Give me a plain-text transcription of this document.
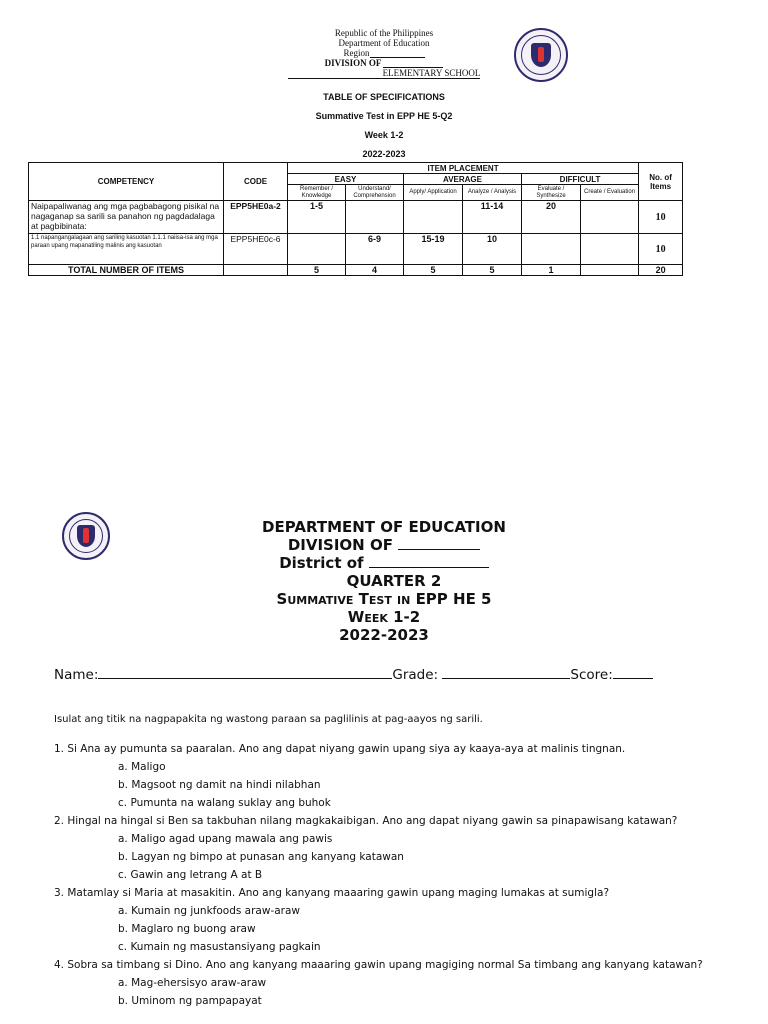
Republic of the Philippines
Department of Education
Region
DIVISION OF
ELEMENTARY SCHOOL
TABLE OF SPECIFICATIONS
Summative Test in EPP HE 5-Q2
Week 1-2
2022-2023
COMPETENCY	CODE	ITEM PLACEMENT						No. of Items
		EASY		AVERAGE		DIFFICULT		
		Remember / Knowledge	Understand/ Comprehension	Apply/ Application	Analyze / Analysis	Evaluate / Synthesize	Create / Evaluation	
Naipapaliwanag ang mga pagbabagong pisikal na nagaganap sa sarili sa panahon ng pagdadalaga at pagbibinata:	EPP5HE0a-2	1-5			11-14	20		10
1.1 napangangalagaan ang sariling kasuotan 1.1.1 naiisa-isa ang mga paraan upang mapanatiling malinis ang kasuotan	EPP5HE0c-6		6-9	15-19	10			10
TOTAL NUMBER OF ITEMS		5	4	5	5	1		20
DEPARTMENT OF EDUCATION
DIVISION OF
District of
QUARTER 2
Summative Test in EPP HE 5
Week 1-2
2022-2023
Name:	Grade:	Score:
Isulat ang titik na nagpapakita ng wastong paraan sa paglilinis at pag-aayos ng sarili.
1. Si Ana ay pumunta sa paaralan. Ano ang dapat niyang gawin upang siya ay kaaya-aya at malinis tingnan.
a. Maligo
b. Magsoot ng damit na hindi nilabhan
c. Pumunta na walang suklay ang buhok
2. Hingal na hingal si Ben sa takbuhan nilang magkakaibigan. Ano ang dapat niyang gawin sa pinapawisang katawan?
a. Maligo agad upang mawala ang pawis
b. Lagyan ng bimpo at punasan ang kanyang katawan
c. Gawin ang letrang A at B
3. Matamlay si Maria at masakitin. Ano ang kanyang maaaring gawin upang maging lumakas at sumigla?
a. Kumain ng junkfoods araw-araw
b. Maglaro ng buong araw
c. Kumain ng masustansiyang pagkain
4. Sobra sa timbang si Dino. Ano ang kanyang maaaring gawin upang magiging normal Sa timbang ang kanyang katawan?
a. Mag-ehersisyo araw-araw
b. Uminom ng pampapayat
